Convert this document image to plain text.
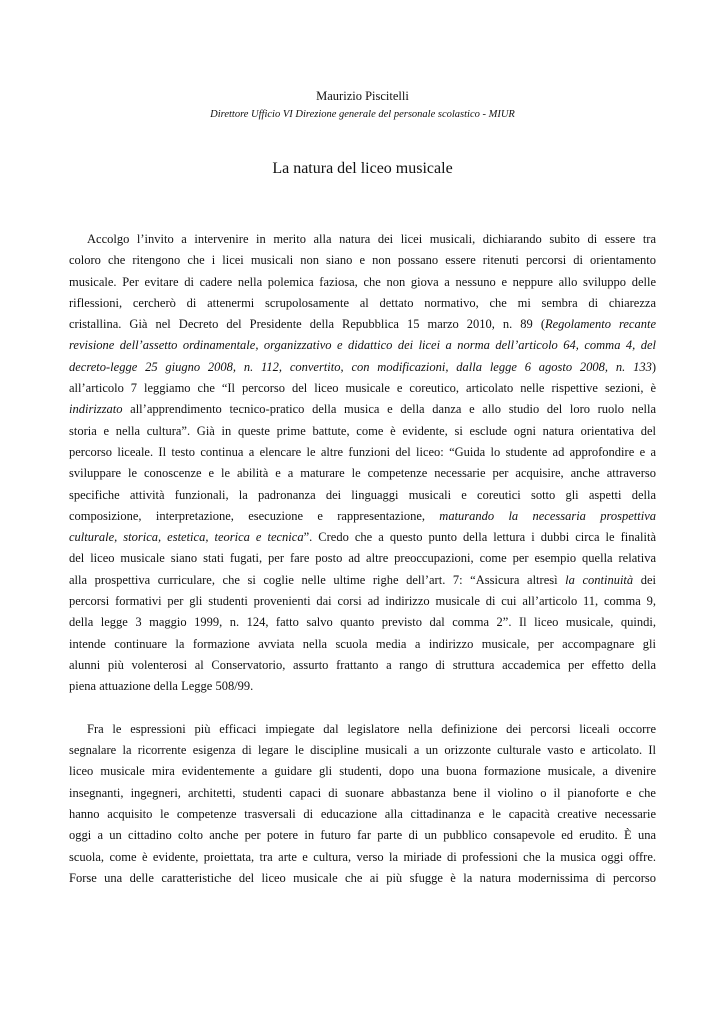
Maurizio Piscitelli
Direttore Ufficio VI Direzione generale del personale scolastico - MIUR
La natura del liceo musicale
Accolgo l’invito a intervenire in merito alla natura dei licei musicali, dichiarando subito di essere tra
coloro che ritengono che i licei musicali non siano e non possano essere ritenuti percorsi di orientamento
musicale. Per evitare di cadere nella polemica faziosa, che non giova a nessuno e neppure allo sviluppo delle
riflessioni, cercherò di attenermi scrupolosamente al dettato normativo, che mi sembra di chiarezza
cristallina. Già nel Decreto del Presidente della Repubblica 15 marzo 2010, n. 89 (Regolamento recante
revisione dell’assetto ordinamentale, organizzativo e didattico dei licei a norma dell’articolo 64, comma 4, del
decreto-legge 25 giugno 2008, n. 112, convertito, con modificazioni, dalla legge 6 agosto 2008, n. 133)
all’articolo 7 leggiamo che “Il percorso del liceo musicale e coreutico, articolato nelle rispettive sezioni, è
indirizzato all’apprendimento tecnico-pratico della musica e della danza e allo studio del loro ruolo nella
storia e nella cultura”. Già in queste prime battute, come è evidente, si esclude ogni natura orientativa del
percorso liceale. Il testo continua a elencare le altre funzioni del liceo: “Guida lo studente ad approfondire e a
sviluppare le conoscenze e le abilità e a maturare le competenze necessarie per acquisire, anche attraverso
specifiche attività funzionali, la padronanza dei linguaggi musicali e coreutici sotto gli aspetti della
composizione, interpretazione, esecuzione e rappresentazione, maturando la necessaria prospettiva
culturale, storica, estetica, teorica e tecnica”. Credo che a questo punto della lettura i dubbi circa le finalità
del liceo musicale siano stati fugati, per fare posto ad altre preoccupazioni, come per esempio quella relativa
alla prospettiva curriculare, che si coglie nelle ultime righe dell’art. 7: “Assicura altresì la continuità dei
percorsi formativi per gli studenti provenienti dai corsi ad indirizzo musicale di cui all’articolo 11, comma 9,
della legge 3 maggio 1999, n. 124, fatto salvo quanto previsto dal comma 2”. Il liceo musicale, quindi,
intende continuare la formazione avviata nella scuola media a indirizzo musicale, per accompagnare gli
alunni più volenterosi al Conservatorio, assurto frattanto a rango di struttura accademica per effetto della
piena attuazione della Legge 508/99.
Fra le espressioni più efficaci impiegate dal legislatore nella definizione dei percorsi liceali occorre
segnalare la ricorrente esigenza di legare le discipline musicali a un orizzonte culturale vasto e articolato. Il
liceo musicale mira evidentemente a guidare gli studenti, dopo una buona formazione musicale, a divenire
insegnanti, ingegneri, architetti, studenti capaci di suonare abbastanza bene il violino o il pianoforte e che
hanno acquisito le competenze trasversali di educazione alla cittadinanza e le capacità creative necessarie
oggi a un cittadino colto anche per potere in futuro far parte di un pubblico consapevole ed erudito. È una
scuola, come è evidente, proiettata, tra arte e cultura, verso la miriade di professioni che la musica oggi offre.
Forse una delle caratteristiche del liceo musicale che ai più sfugge è la natura modernissima di percorso
